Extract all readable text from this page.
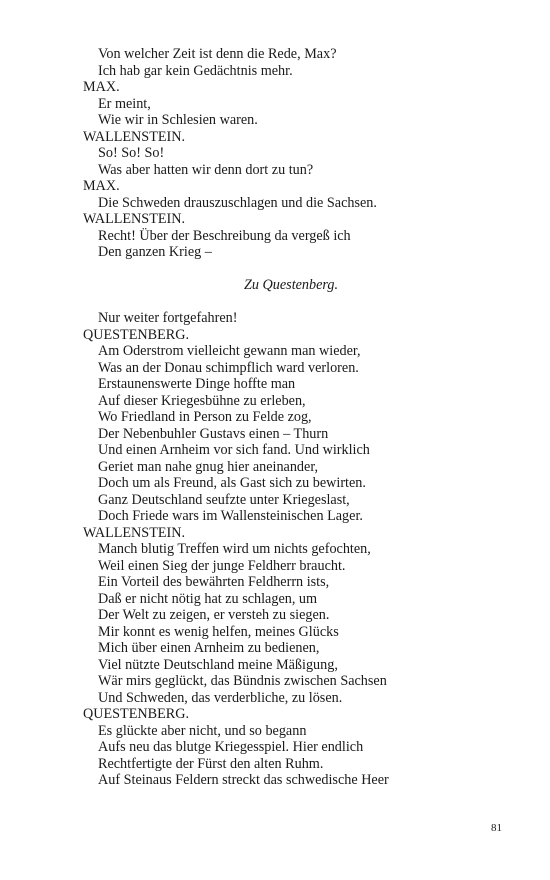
Von welcher Zeit ist denn die Rede, Max?
Ich hab gar kein Gedächtnis mehr.
MAX.
Er meint,
Wie wir in Schlesien waren.
WALLENSTEIN.
So! So! So!
Was aber hatten wir denn dort zu tun?
MAX.
Die Schweden drauszuschlagen und die Sachsen.
WALLENSTEIN.
Recht! Über der Beschreibung da vergeß ich
Den ganzen Krieg –
Zu Questenberg.
Nur weiter fortgefahren!
QUESTENBERG.
Am Oderstrom vielleicht gewann man wieder,
Was an der Donau schimpflich ward verloren.
Erstaunenswerte Dinge hoffte man
Auf dieser Kriegesbühne zu erleben,
Wo Friedland in Person zu Felde zog,
Der Nebenbuhler Gustavs einen – Thurn
Und einen Arnheim vor sich fand. Und wirklich
Geriet man nahe gnug hier aneinander,
Doch um als Freund, als Gast sich zu bewirten.
Ganz Deutschland seufzte unter Kriegeslast,
Doch Friede wars im Wallensteinischen Lager.
WALLENSTEIN.
Manch blutig Treffen wird um nichts gefochten,
Weil einen Sieg der junge Feldherr braucht.
Ein Vorteil des bewährten Feldherrn ists,
Daß er nicht nötig hat zu schlagen, um
Der Welt zu zeigen, er versteh zu siegen.
Mir konnt es wenig helfen, meines Glücks
Mich über einen Arnheim zu bedienen,
Viel nützte Deutschland meine Mäßigung,
Wär mirs geglückt, das Bündnis zwischen Sachsen
Und Schweden, das verderbliche, zu lösen.
QUESTENBERG.
Es glückte aber nicht, und so begann
Aufs neu das blutge Kriegesspiel. Hier endlich
Rechtfertigte der Fürst den alten Ruhm.
Auf Steinaus Feldern streckt das schwedische Heer
81
